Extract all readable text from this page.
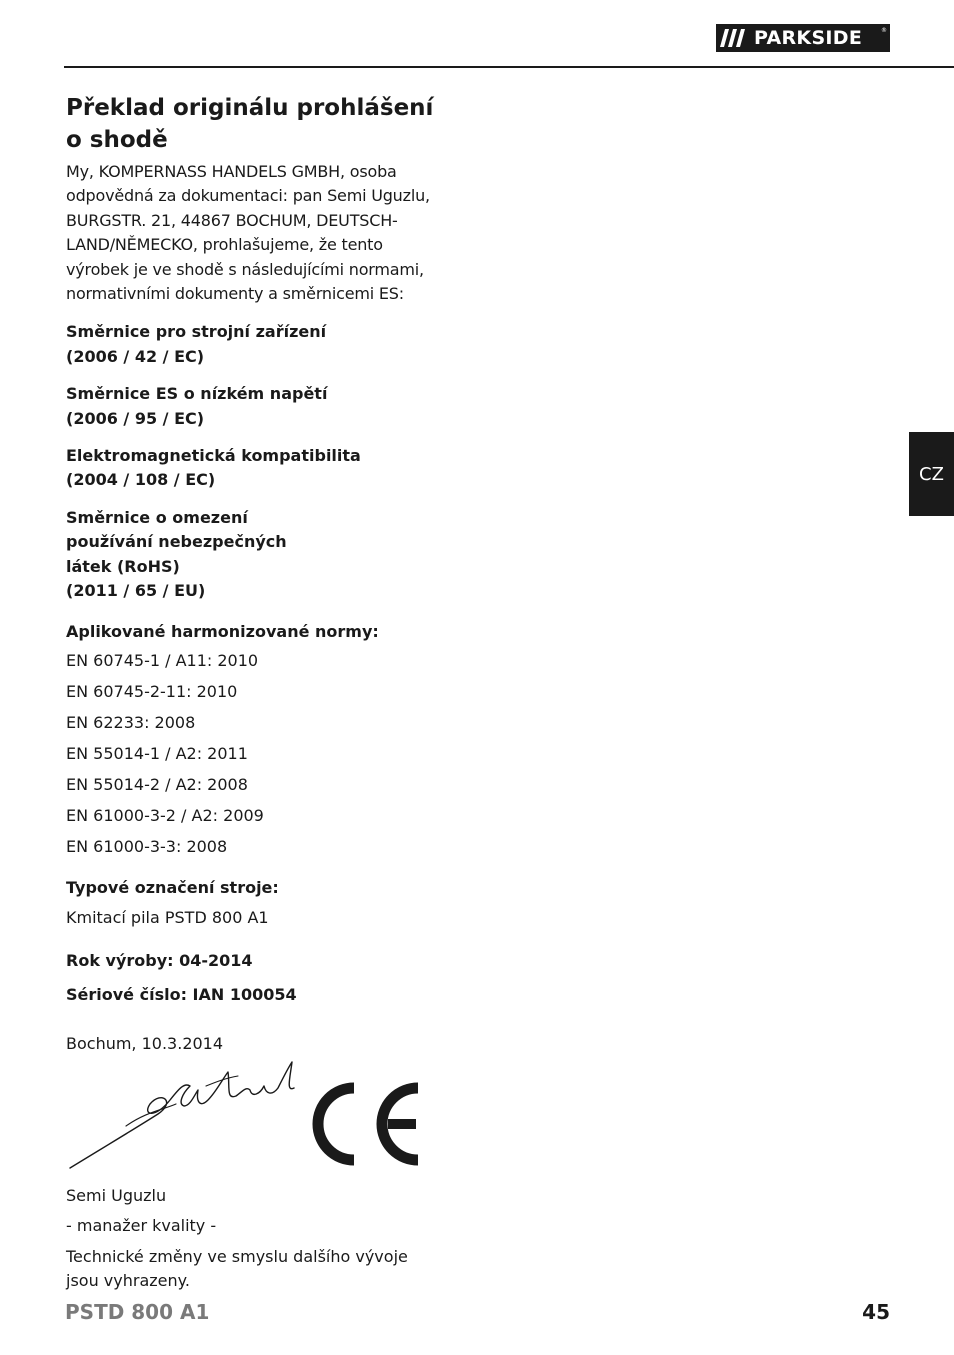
PARKSIDE	®
CZ
Překlad originálu prohlášení o shodě

My, KOMPERNASS HANDELS GMBH, osoba odpovědná za dokumentaci: pan Semi Uguzlu, BURGSTR. 21, 44867 BOCHUM, DEUTSCH-LAND/NĚMECKO, prohlašujeme, že tento výrobek je ve shodě s následujícími normami, normativními dokumenty a směrnicemi ES:

Směrnice pro strojní zařízení
(2006 / 42 / EC)
Směrnice ES o nízkém napětí
(2006 / 95 / EC)
Elektromagnetická kompatibilita
(2004 / 108 / EC)
Směrnice o omezení používání nebezpečných látek (RoHS)
(2011 / 65 / EU)
Aplikované harmonizované normy:
EN 60745-1 / A11: 2010
EN 60745-2-11: 2010
EN 62233: 2008
EN 55014-1 / A2: 2011
EN 55014-2 / A2: 2008
EN 61000-3-2 / A2: 2009
EN 61000-3-3: 2008
Typové označení stroje:
Kmitací pila PSTD 800 A1
Rok výroby: 04-2014
Sériové číslo: IAN 100054
Bochum, 10.3.2014
Semi Uguzlu
- manažer kvality -
Technické změny ve smyslu dalšího vývoje jsou vyhrazeny.
PSTD 800 A1	45
